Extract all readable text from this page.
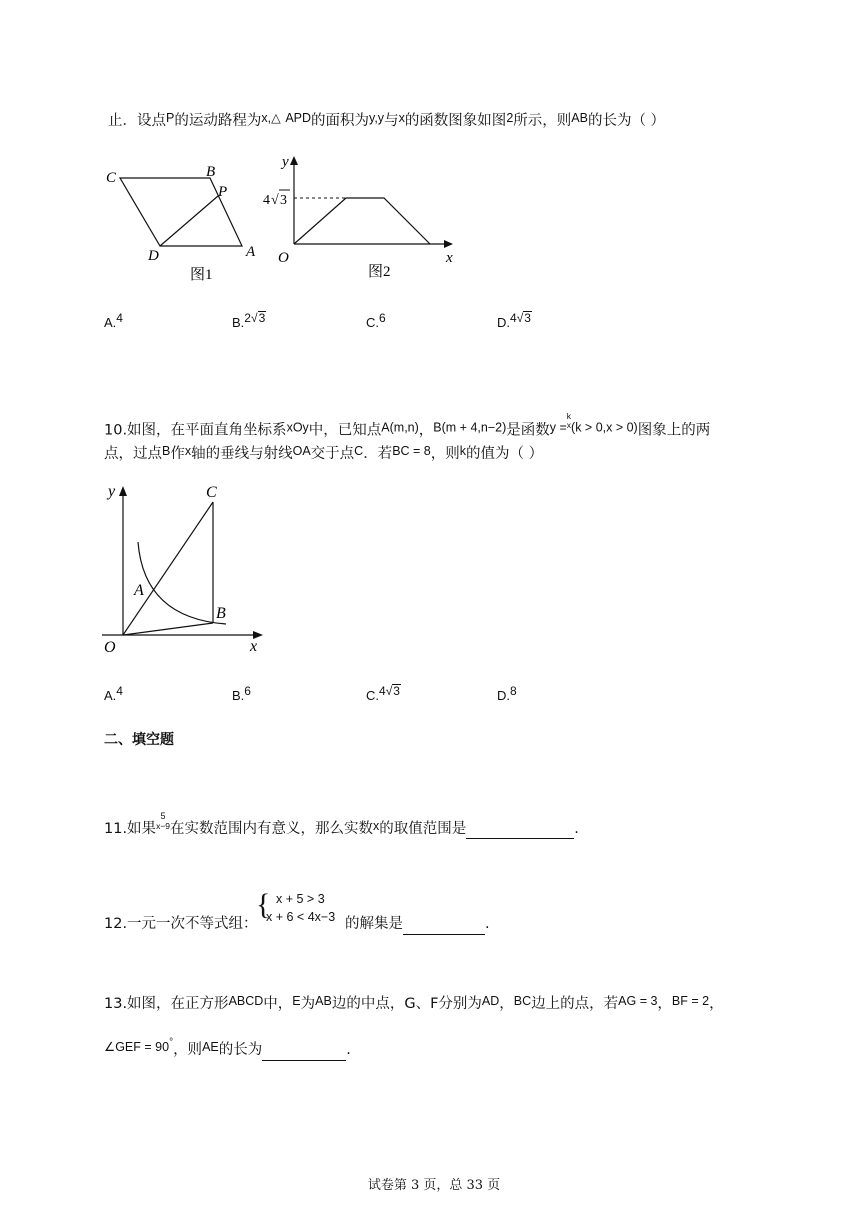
止．设点P的运动路程为x,△ APD的面积为y,y与x的函数图象如图2所示，则AB的长为（ ）
C	B
P
D	A
图1
y
4 √ 3
O	x
图2
A.$^4$	B.$^{2√3}$	C.$^6$	D.$^{4√3}$
10.如图，在平面直角坐标系xOy中，已知点A(m,n)，B(m + 4,n−2)是函数y =
k
x (k > 0,x > 0)图象上的两
点，过点B作x轴的垂线与射线OA交于点C．若BC = 8，则k的值为（ ）
y	C
A
B
O	x
A.$^4$	B.$^6$	C.$^{4√3}$	D.$^8$
二、填空题
11.如果
5
x−9 在实数范围内有意义，那么实数x的取值范围是	.
12.一元一次不等式组：
{ x + 5 > 3
x + 6 < 4x−3 的解集是	.
13.如图，在正方形ABCD中，E为AB边的中点，G、F分别为AD，BC边上的点，若AG = 3，BF = 2，
∠GEF = 90°，则AE的长为	.
试卷第 3 页，总 33 页
